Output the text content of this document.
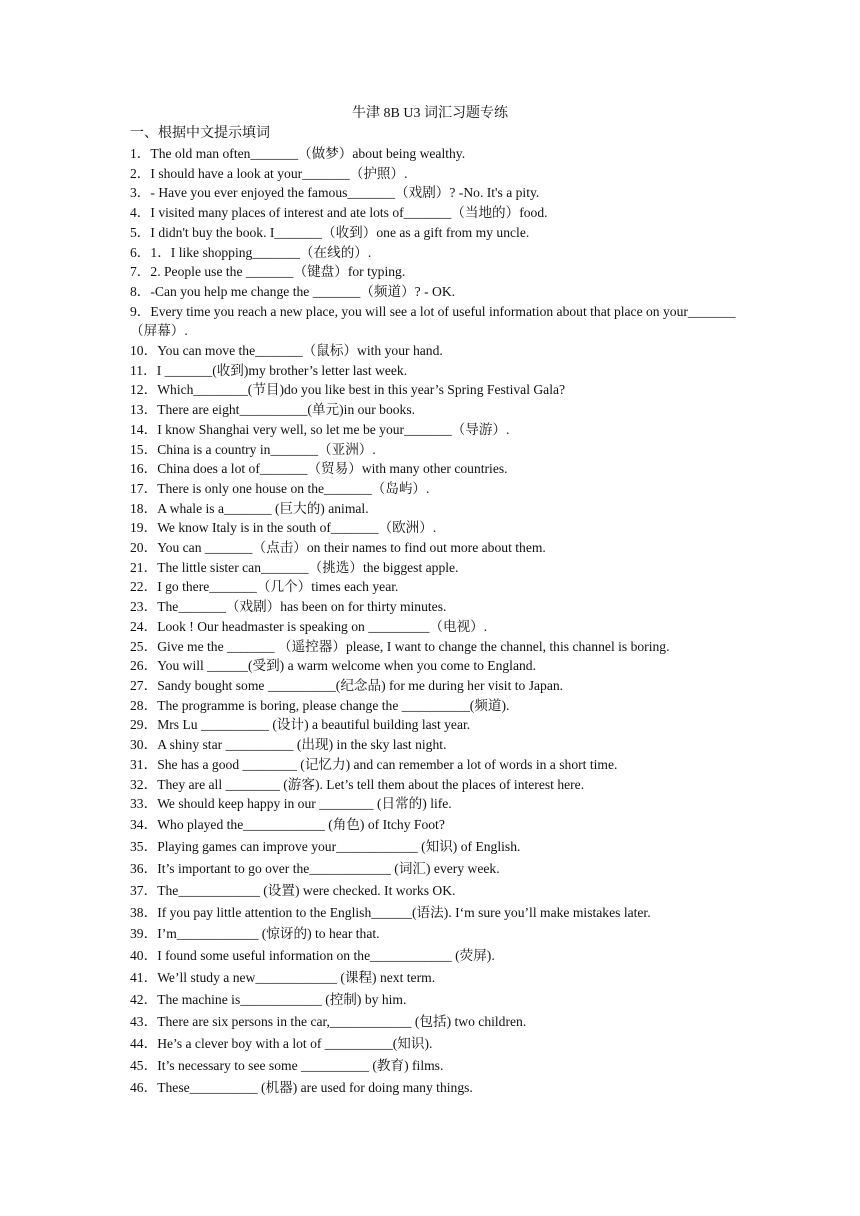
牛津 8B U3 词汇习题专练
一、根据中文提示填词
1．The old man often_______（做梦）about being wealthy.
2．I should have a look at your_______（护照）.
3．- Have you ever enjoyed the famous_______（戏剧）? -No. It's a pity.
4．I visited many places of interest and ate lots of_______（当地的）food.
5．I didn't buy the book. I_______（收到）one as a gift from my uncle.
6．1．I like shopping_______（在线的）.
7．2. People use the _______（键盘）for typing.
8．-Can you help me change the _______（频道）? - OK.
9．Every time you reach a new place, you will see a lot of useful information about that place on your_______（屏幕）.
10．You can move the_______（鼠标）with your hand.
11．I _______(收到)my brother’s letter last week.
12．Which________(节目)do you like best in this year’s Spring Festival Gala?
13．There are eight__________(单元)in our books.
14．I know Shanghai very well, so let me be your_______（导游）.
15．China is a country in_______（亚洲）.
16．China does a lot of_______（贸易）with many other countries.
17．There is only one house on the_______（岛屿）.
18．A whale is a_______ (巨大的) animal.
19．We know Italy is in the south of_______（欧洲）.
20．You can _______（点击）on their names to find out more about them.
21．The little sister can_______（挑选）the biggest apple.
22．I go there_______（几个）times each year.
23．The_______（戏剧）has been on for thirty minutes.
24．Look ! Our headmaster is speaking on _________（电视）.
25．Give me the _______ （遥控器）please, I want to change the channel, this channel is boring.
26．You will ______(受到) a warm welcome when you come to England.
27．Sandy bought some __________(纪念品) for me during her visit to Japan.
28．The programme is boring, please change the __________(频道).
29．Mrs Lu __________ (设计) a beautiful building last year.
30．A shiny star __________ (出现) in the sky last night.
31．She has a good ________ (记忆力) and can remember a lot of words in a short time.
32．They are all ________ (游客). Let’s tell them about the places of interest here.
33．We should keep happy in our ________ (日常的) life.
34．Who played the____________ (角色) of Itchy Foot?
35．Playing games can improve your____________ (知识) of English.
36．It’s important to go over the____________ (词汇) every week.
37．The____________ (设置) were checked. It works OK.
38．If you pay little attention to the English______(语法). I‘m sure you’ll make mistakes later.
39．I’m____________ (惊讶的) to hear that.
40．I found some useful information on the____________ (荧屏).
41．We’ll study a new____________ (课程) next term.
42．The machine is____________ (控制) by him.
43．There are six persons in the car,____________ (包括) two children.
44．He’s a clever boy with a lot of __________(知识).
45．It’s necessary to see some __________ (教育) films.
46．These__________ (机器) are used for doing many things.
